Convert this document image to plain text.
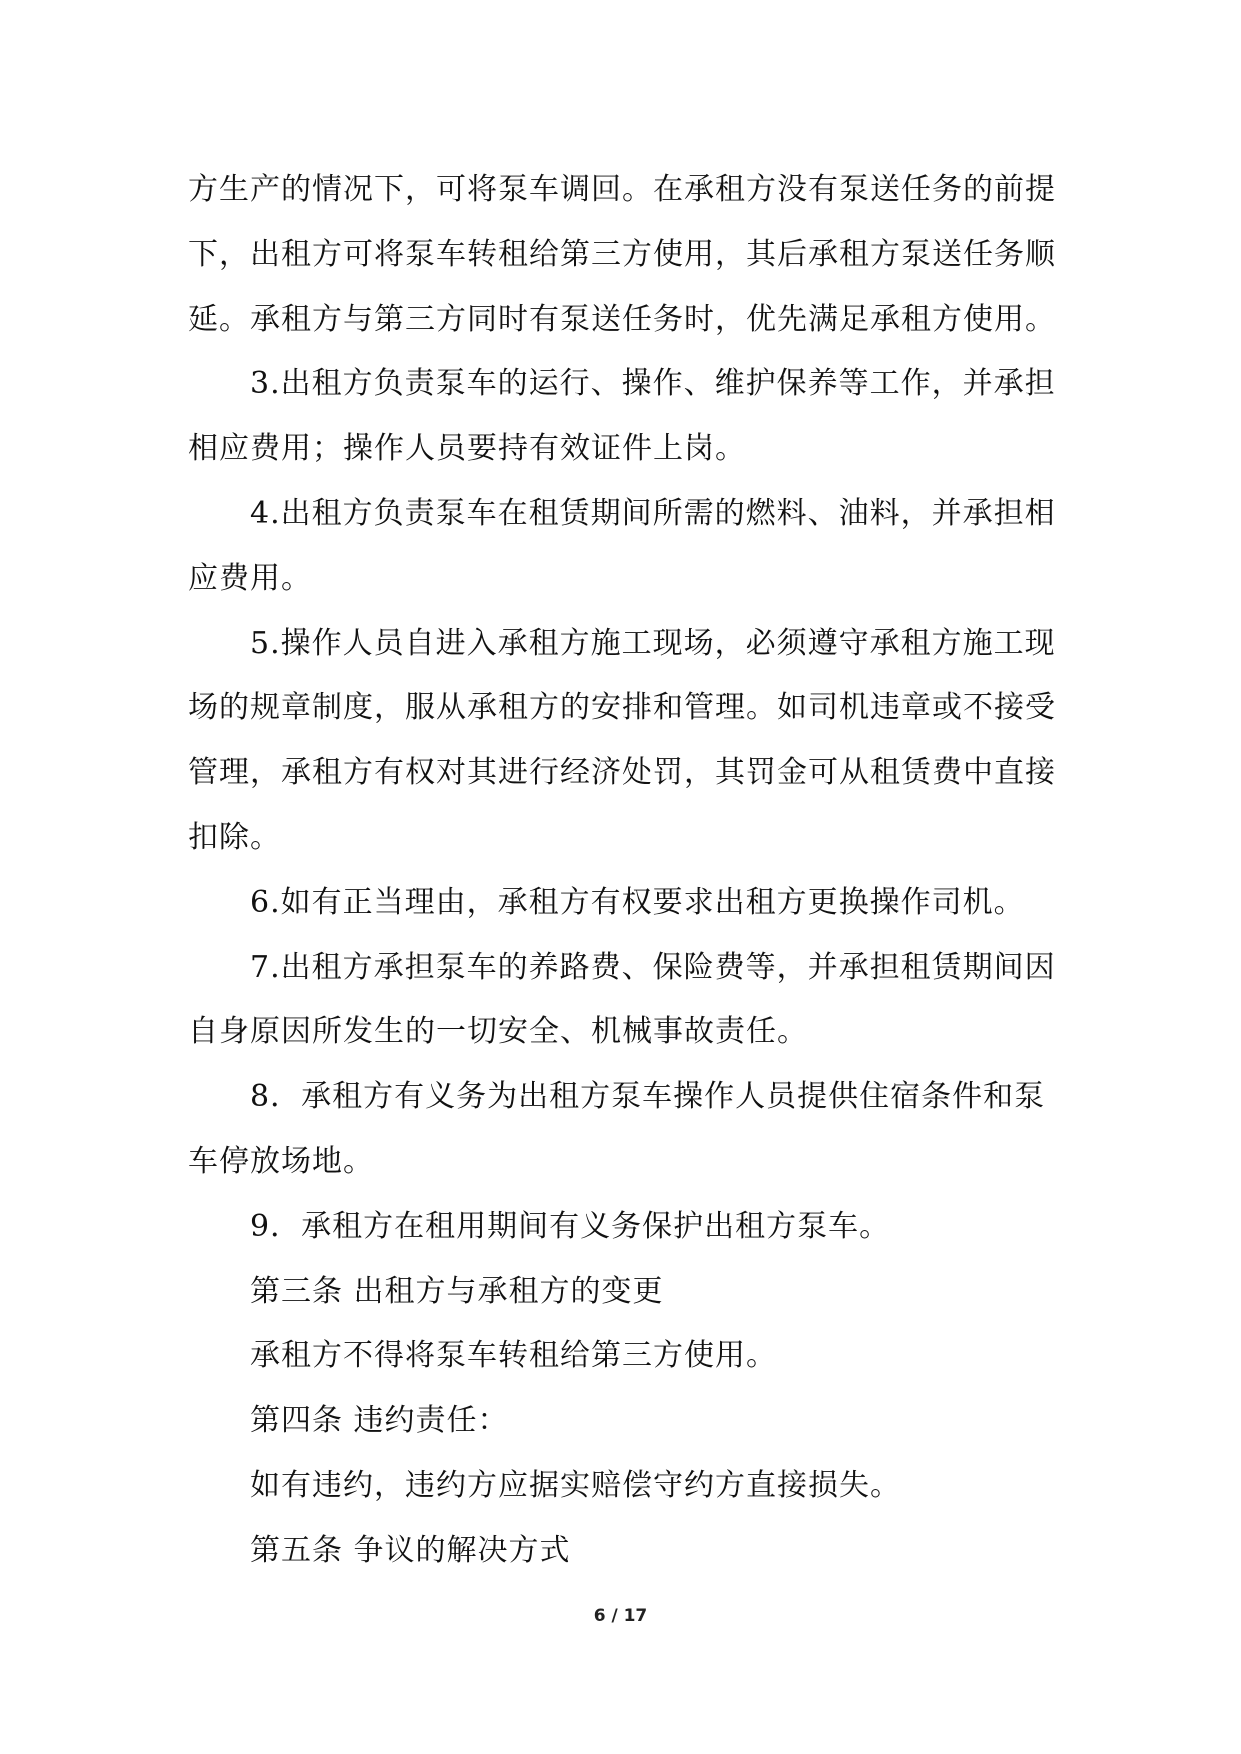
方生产的情况下，可将泵车调回。在承租方没有泵送任务的前提
下，出租方可将泵车转租给第三方使用，其后承租方泵送任务顺
延。承租方与第三方同时有泵送任务时，优先满足承租方使用。
3.出租方负责泵车的运行、操作、维护保养等工作，并承担
相应费用；操作人员要持有效证件上岗。
4.出租方负责泵车在租赁期间所需的燃料、油料，并承担相
应费用。
5.操作人员自进入承租方施工现场，必须遵守承租方施工现
场的规章制度，服从承租方的安排和管理。如司机违章或不接受
管理，承租方有权对其进行经济处罚，其罚金可从租赁费中直接
扣除。
6.如有正当理由，承租方有权要求出租方更换操作司机。
7.出租方承担泵车的养路费、保险费等，并承担租赁期间因
自身原因所发生的一切安全、机械事故责任。
8．承租方有义务为出租方泵车操作人员提供住宿条件和泵
车停放场地。
9．承租方在租用期间有义务保护出租方泵车。
第三条 出租方与承租方的变更
承租方不得将泵车转租给第三方使用。
第四条 违约责任：
如有违约，违约方应据实赔偿守约方直接损失。
第五条 争议的解决方式
6 / 17
